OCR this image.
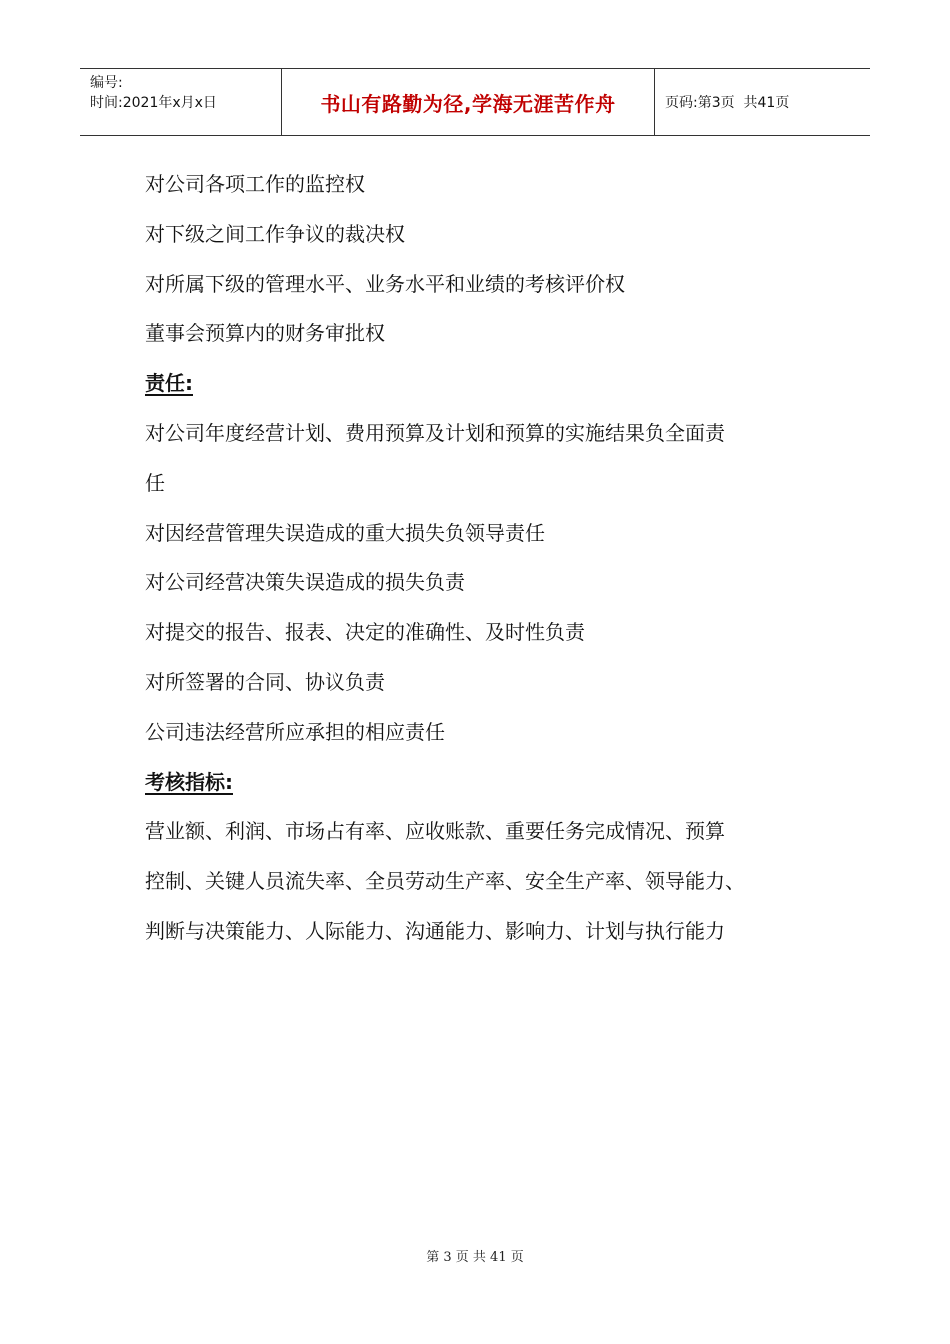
编号:
时间:2021年x月x日	书山有路勤为径,学海无涯苦作舟	页码:第3页  共41页
对公司各项工作的监控权
对下级之间工作争议的裁决权
对所属下级的管理水平、业务水平和业绩的考核评价权
董事会预算内的财务审批权
责任:
对公司年度经营计划、费用预算及计划和预算的实施结果负全面责
任
对因经营管理失误造成的重大损失负领导责任
对公司经营决策失误造成的损失负责
对提交的报告、报表、决定的准确性、及时性负责
对所签署的合同、协议负责
公司违法经营所应承担的相应责任
考核指标:
营业额、利润、市场占有率、应收账款、重要任务完成情况、预算
控制、关键人员流失率、全员劳动生产率、安全生产率、领导能力、
判断与决策能力、人际能力、沟通能力、影响力、计划与执行能力
第 3 页 共 41 页
